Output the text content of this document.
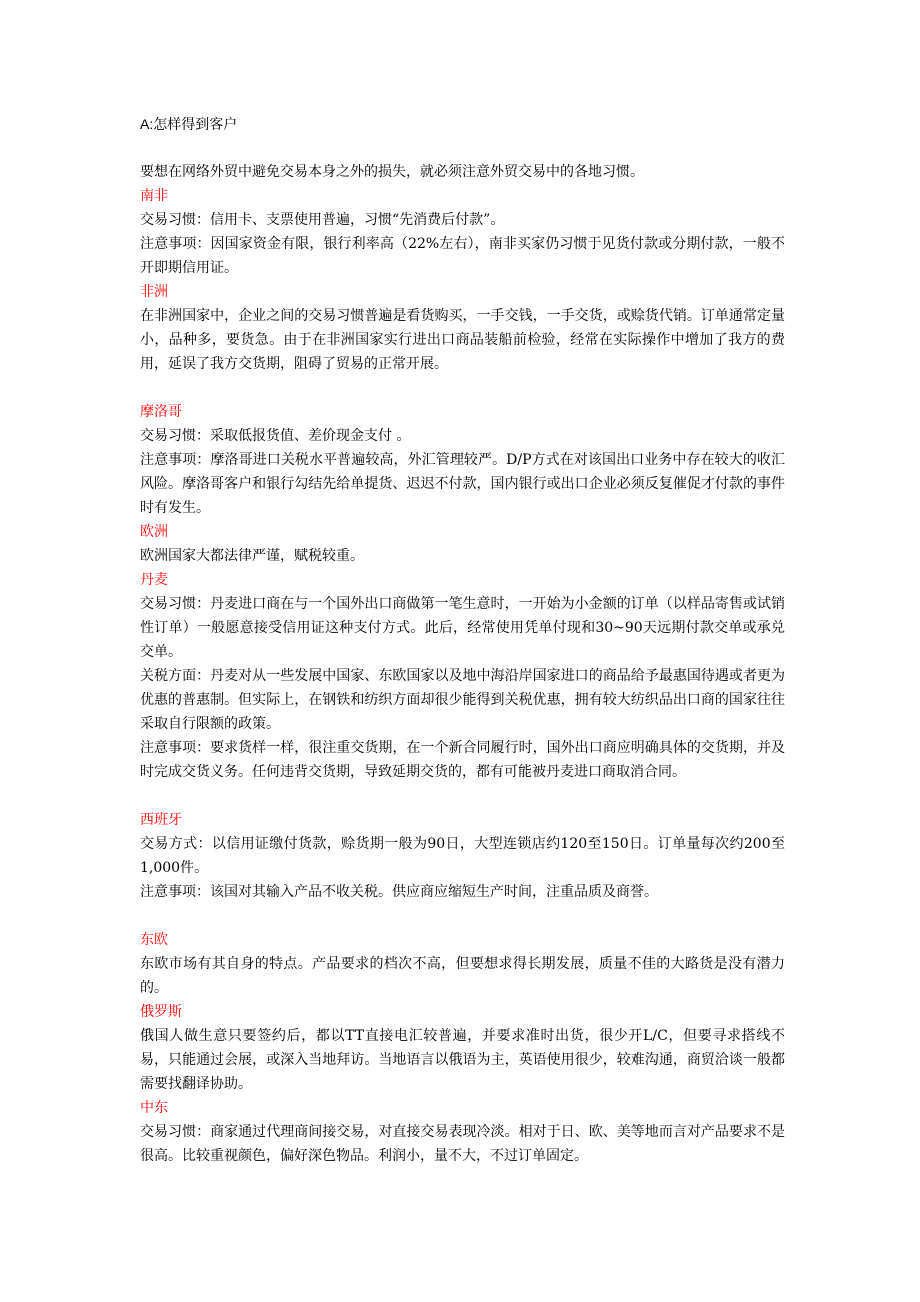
A:怎样得到客户
要想在网络外贸中避免交易本身之外的损失，就必须注意外贸交易中的各地习惯。
南非
交易习惯：信用卡、支票使用普遍，习惯“先消费后付款”。
注意事项：因国家资金有限，银行利率高（22%左右），南非买家仍习惯于见货付款或分期付款，一般不开即期信用证。
非洲
在非洲国家中，企业之间的交易习惯普遍是看货购买，一手交钱，一手交货，或赊货代销。订单通常定量小，品种多，要货急。由于在非洲国家实行进出口商品装船前检验，经常在实际操作中增加了我方的费用，延误了我方交货期，阻碍了贸易的正常开展。
摩洛哥
交易习惯：采取低报货值、差价现金支付 。
注意事项：摩洛哥进口关税水平普遍较高，外汇管理较严。D/P方式在对该国出口业务中存在较大的收汇风险。摩洛哥客户和银行勾结先给单提货、迟迟不付款，国内银行或出口企业必须反复催促才付款的事件时有发生。
欧洲
欧洲国家大都法律严谨，赋税较重。
丹麦
交易习惯：丹麦进口商在与一个国外出口商做第一笔生意时，一开始为小金额的订单（以样品寄售或试销性订单）一般愿意接受信用证这种支付方式。此后，经常使用凭单付现和30~90天远期付款交单或承兑交单。
关税方面：丹麦对从一些发展中国家、东欧国家以及地中海沿岸国家进口的商品给予最惠国待遇或者更为优惠的普惠制。但实际上，在钢铁和纺织方面却很少能得到关税优惠，拥有较大纺织品出口商的国家往往采取自行限额的政策。
注意事项：要求货样一样，很注重交货期，在一个新合同履行时，国外出口商应明确具体的交货期，并及时完成交货义务。任何违背交货期，导致延期交货的，都有可能被丹麦进口商取消合同。
西班牙
交易方式：以信用证缴付货款，赊货期一般为90日，大型连锁店约120至150日。订单量每次约200至 1,000件。
注意事项：该国对其输入产品不收关税。供应商应缩短生产时间，注重品质及商誉。
东欧
东欧市场有其自身的特点。产品要求的档次不高，但要想求得长期发展，质量不佳的大路货是没有潜力的。
俄罗斯
俄国人做生意只要签约后，都以TT直接电汇较普遍，并要求准时出货，很少开L/C，但要寻求搭线不易，只能通过会展，或深入当地拜访。当地语言以俄语为主，英语使用很少，较难沟通，商贸洽谈一般都需要找翻译协助。
中东
交易习惯：商家通过代理商间接交易，对直接交易表现冷淡。相对于日、欧、美等地而言对产品要求不是很高。比较重视颜色，偏好深色物品。利润小，量不大，不过订单固定。
